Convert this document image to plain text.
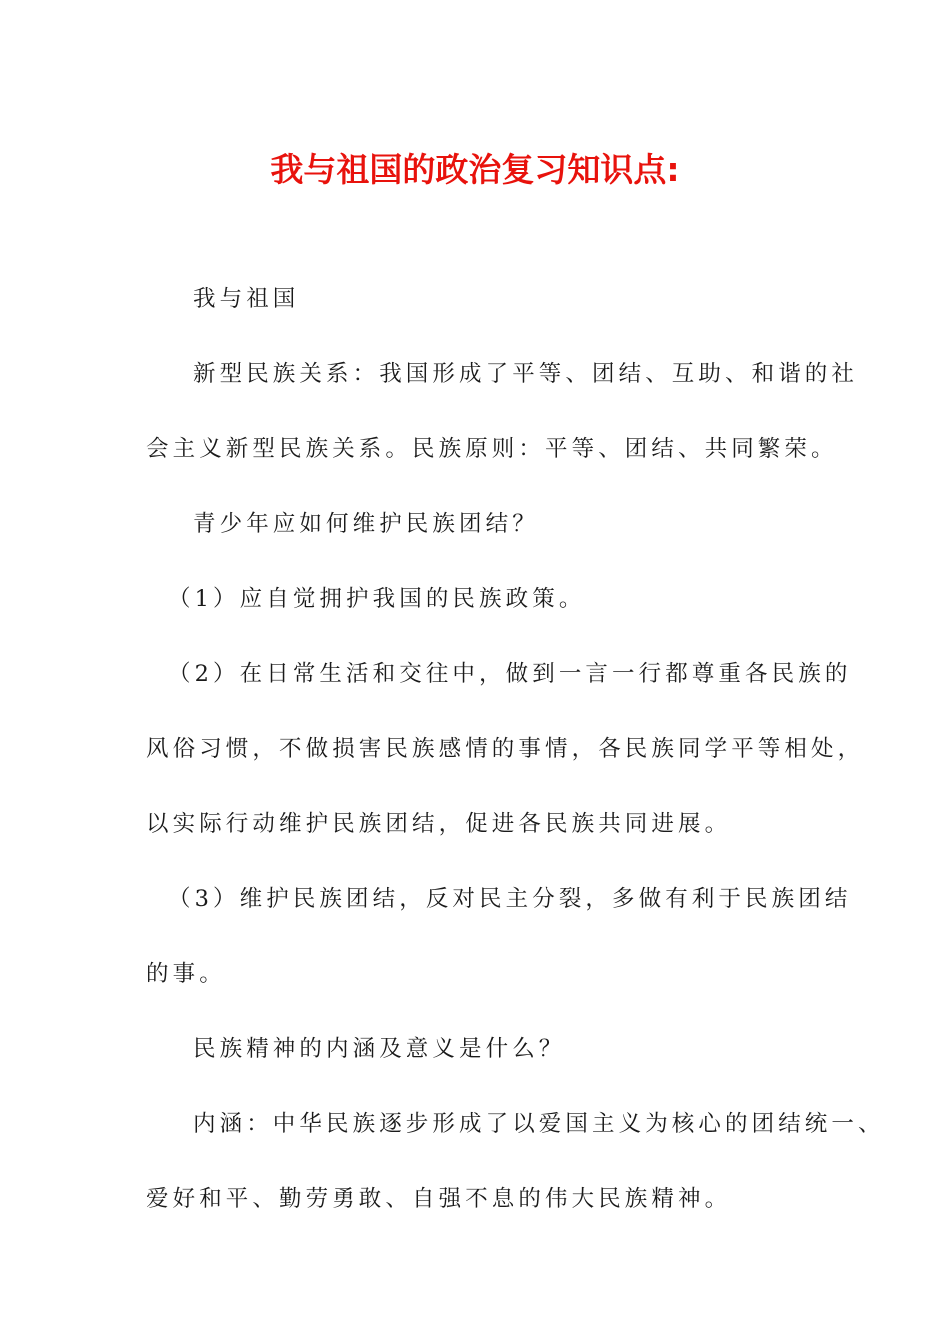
我与祖国的政治复习知识点:
我与祖国
新型民族关系：我国形成了平等、团结、互助、和谐的社
会主义新型民族关系。民族原则：平等、团结、共同繁荣。
青少年应如何维护民族团结？
（1）应自觉拥护我国的民族政策。
（2）在日常生活和交往中，做到一言一行都尊重各民族的
风俗习惯，不做损害民族感情的事情，各民族同学平等相处，
以实际行动维护民族团结，促进各民族共同进展。
（3）维护民族团结，反对民主分裂，多做有利于民族团结
的事。
民族精神的内涵及意义是什么？
内涵：中华民族逐步形成了以爱国主义为核心的团结统一、
爱好和平、勤劳勇敢、自强不息的伟大民族精神。
